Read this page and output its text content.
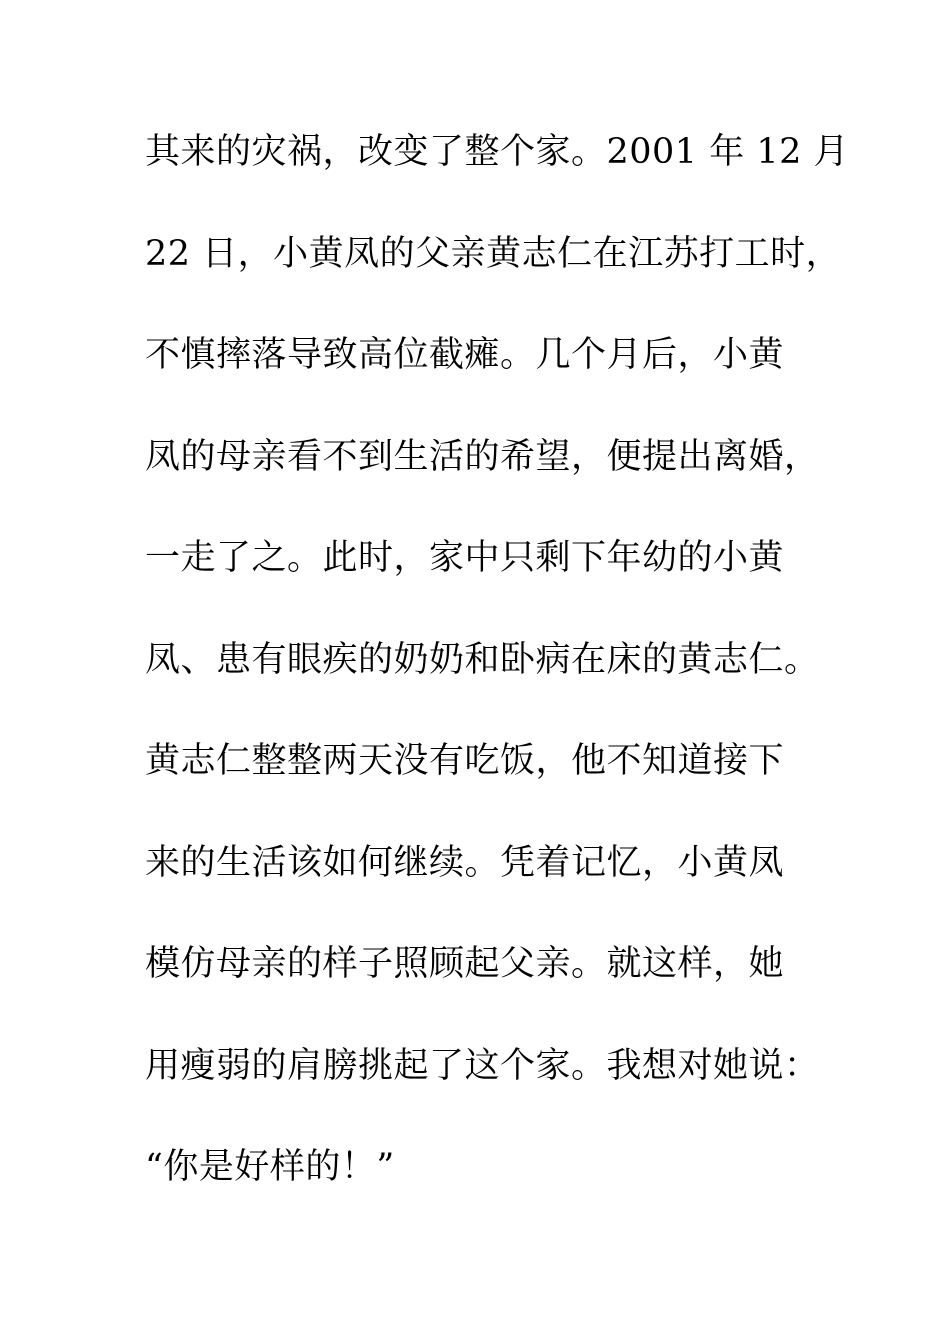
其来的灾祸，改变了整个家。2001 年 12 月
22 日，小黄凤的父亲黄志仁在江苏打工时，
不慎摔落导致高位截瘫。几个月后，小黄
凤的母亲看不到生活的希望，便提出离婚，
一走了之。此时，家中只剩下年幼的小黄
凤、患有眼疾的奶奶和卧病在床的黄志仁。
黄志仁整整两天没有吃饭，他不知道接下
来的生活该如何继续。凭着记忆，小黄凤
模仿母亲的样子照顾起父亲。就这样，她
用瘦弱的肩膀挑起了这个家。我想对她说：
“你是好样的！”
